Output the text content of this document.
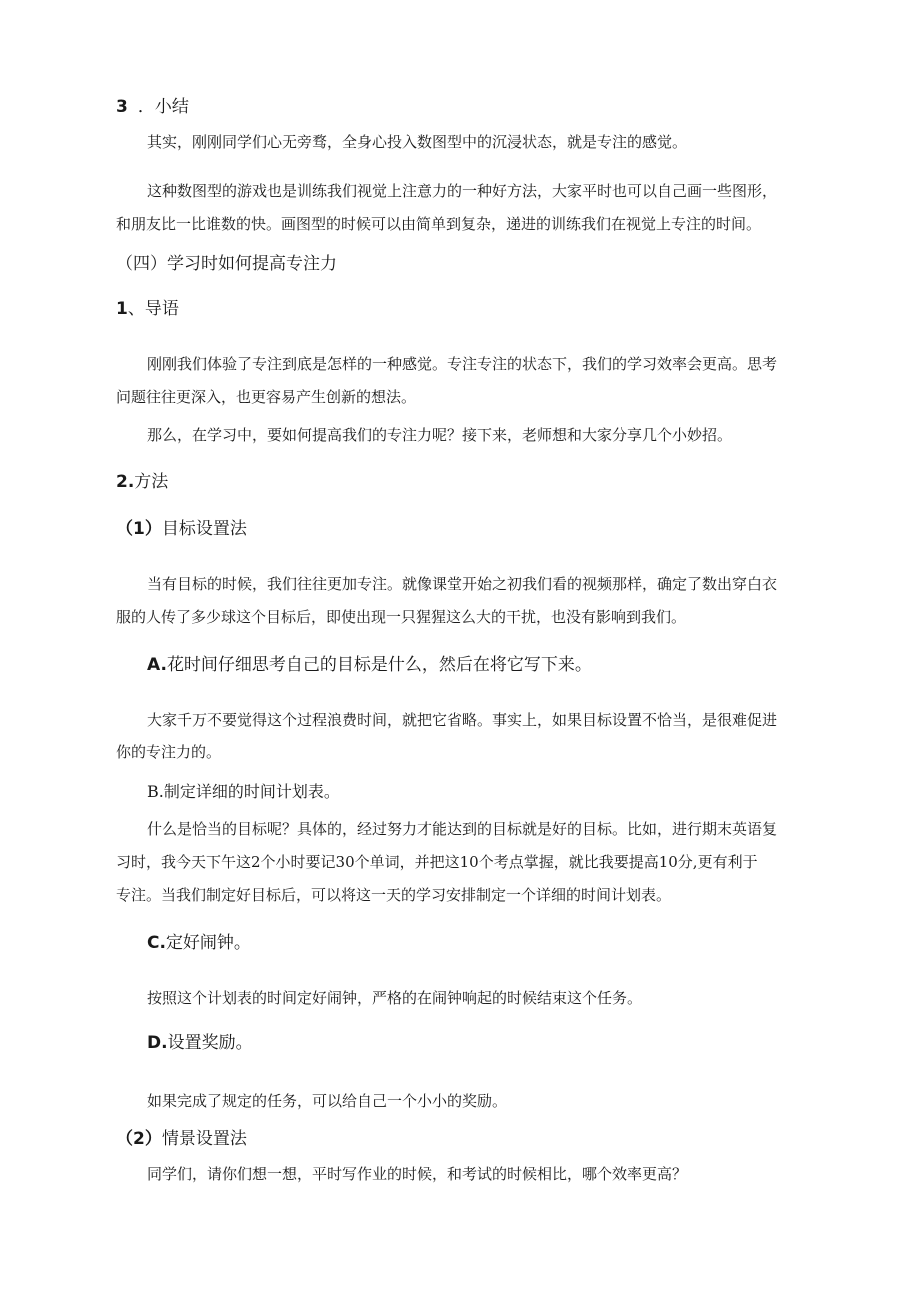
3 ．小结

其实，刚刚同学们心无旁骛，全身心投入数图型中的沉浸状态，就是专注的感觉。

这种数图型的游戏也是训练我们视觉上注意力的一种好方法，大家平时也可以自己画一些图形，

和朋友比一比谁数的快。画图型的时候可以由简单到复杂，递进的训练我们在视觉上专注的时间。

（四）学习时如何提高专注力

1、导语

刚刚我们体验了专注到底是怎样的一种感觉。专注专注的状态下，我们的学习效率会更高。思考

问题往往更深入，也更容易产生创新的想法。

那么，在学习中，要如何提高我们的专注力呢？接下来，老师想和大家分享几个小妙招。

2.方法

（1）目标设置法

当有目标的时候，我们往往更加专注。就像课堂开始之初我们看的视频那样，确定了数出穿白衣

服的人传了多少球这个目标后，即使出现一只猩猩这么大的干扰，也没有影响到我们。

A.花时间仔细思考自己的目标是什么，然后在将它写下来。

大家千万不要觉得这个过程浪费时间，就把它省略。事实上，如果目标设置不恰当，是很难促进

你的专注力的。

B.制定详细的时间计划表。

什么是恰当的目标呢？具体的，经过努力才能达到的目标就是好的目标。比如，进行期末英语复

习时，我今天下午这2个小时要记30个单词，并把这10个考点掌握，就比我要提高10分,更有利于

专注。当我们制定好目标后，可以将这一天的学习安排制定一个详细的时间计划表。

C.定好闹钟。

按照这个计划表的时间定好闹钟，严格的在闹钟响起的时候结束这个任务。

D.设置奖励。

如果完成了规定的任务，可以给自己一个小小的奖励。

（2）情景设置法

同学们，请你们想一想，平时写作业的时候，和考试的时候相比，哪个效率更高？
